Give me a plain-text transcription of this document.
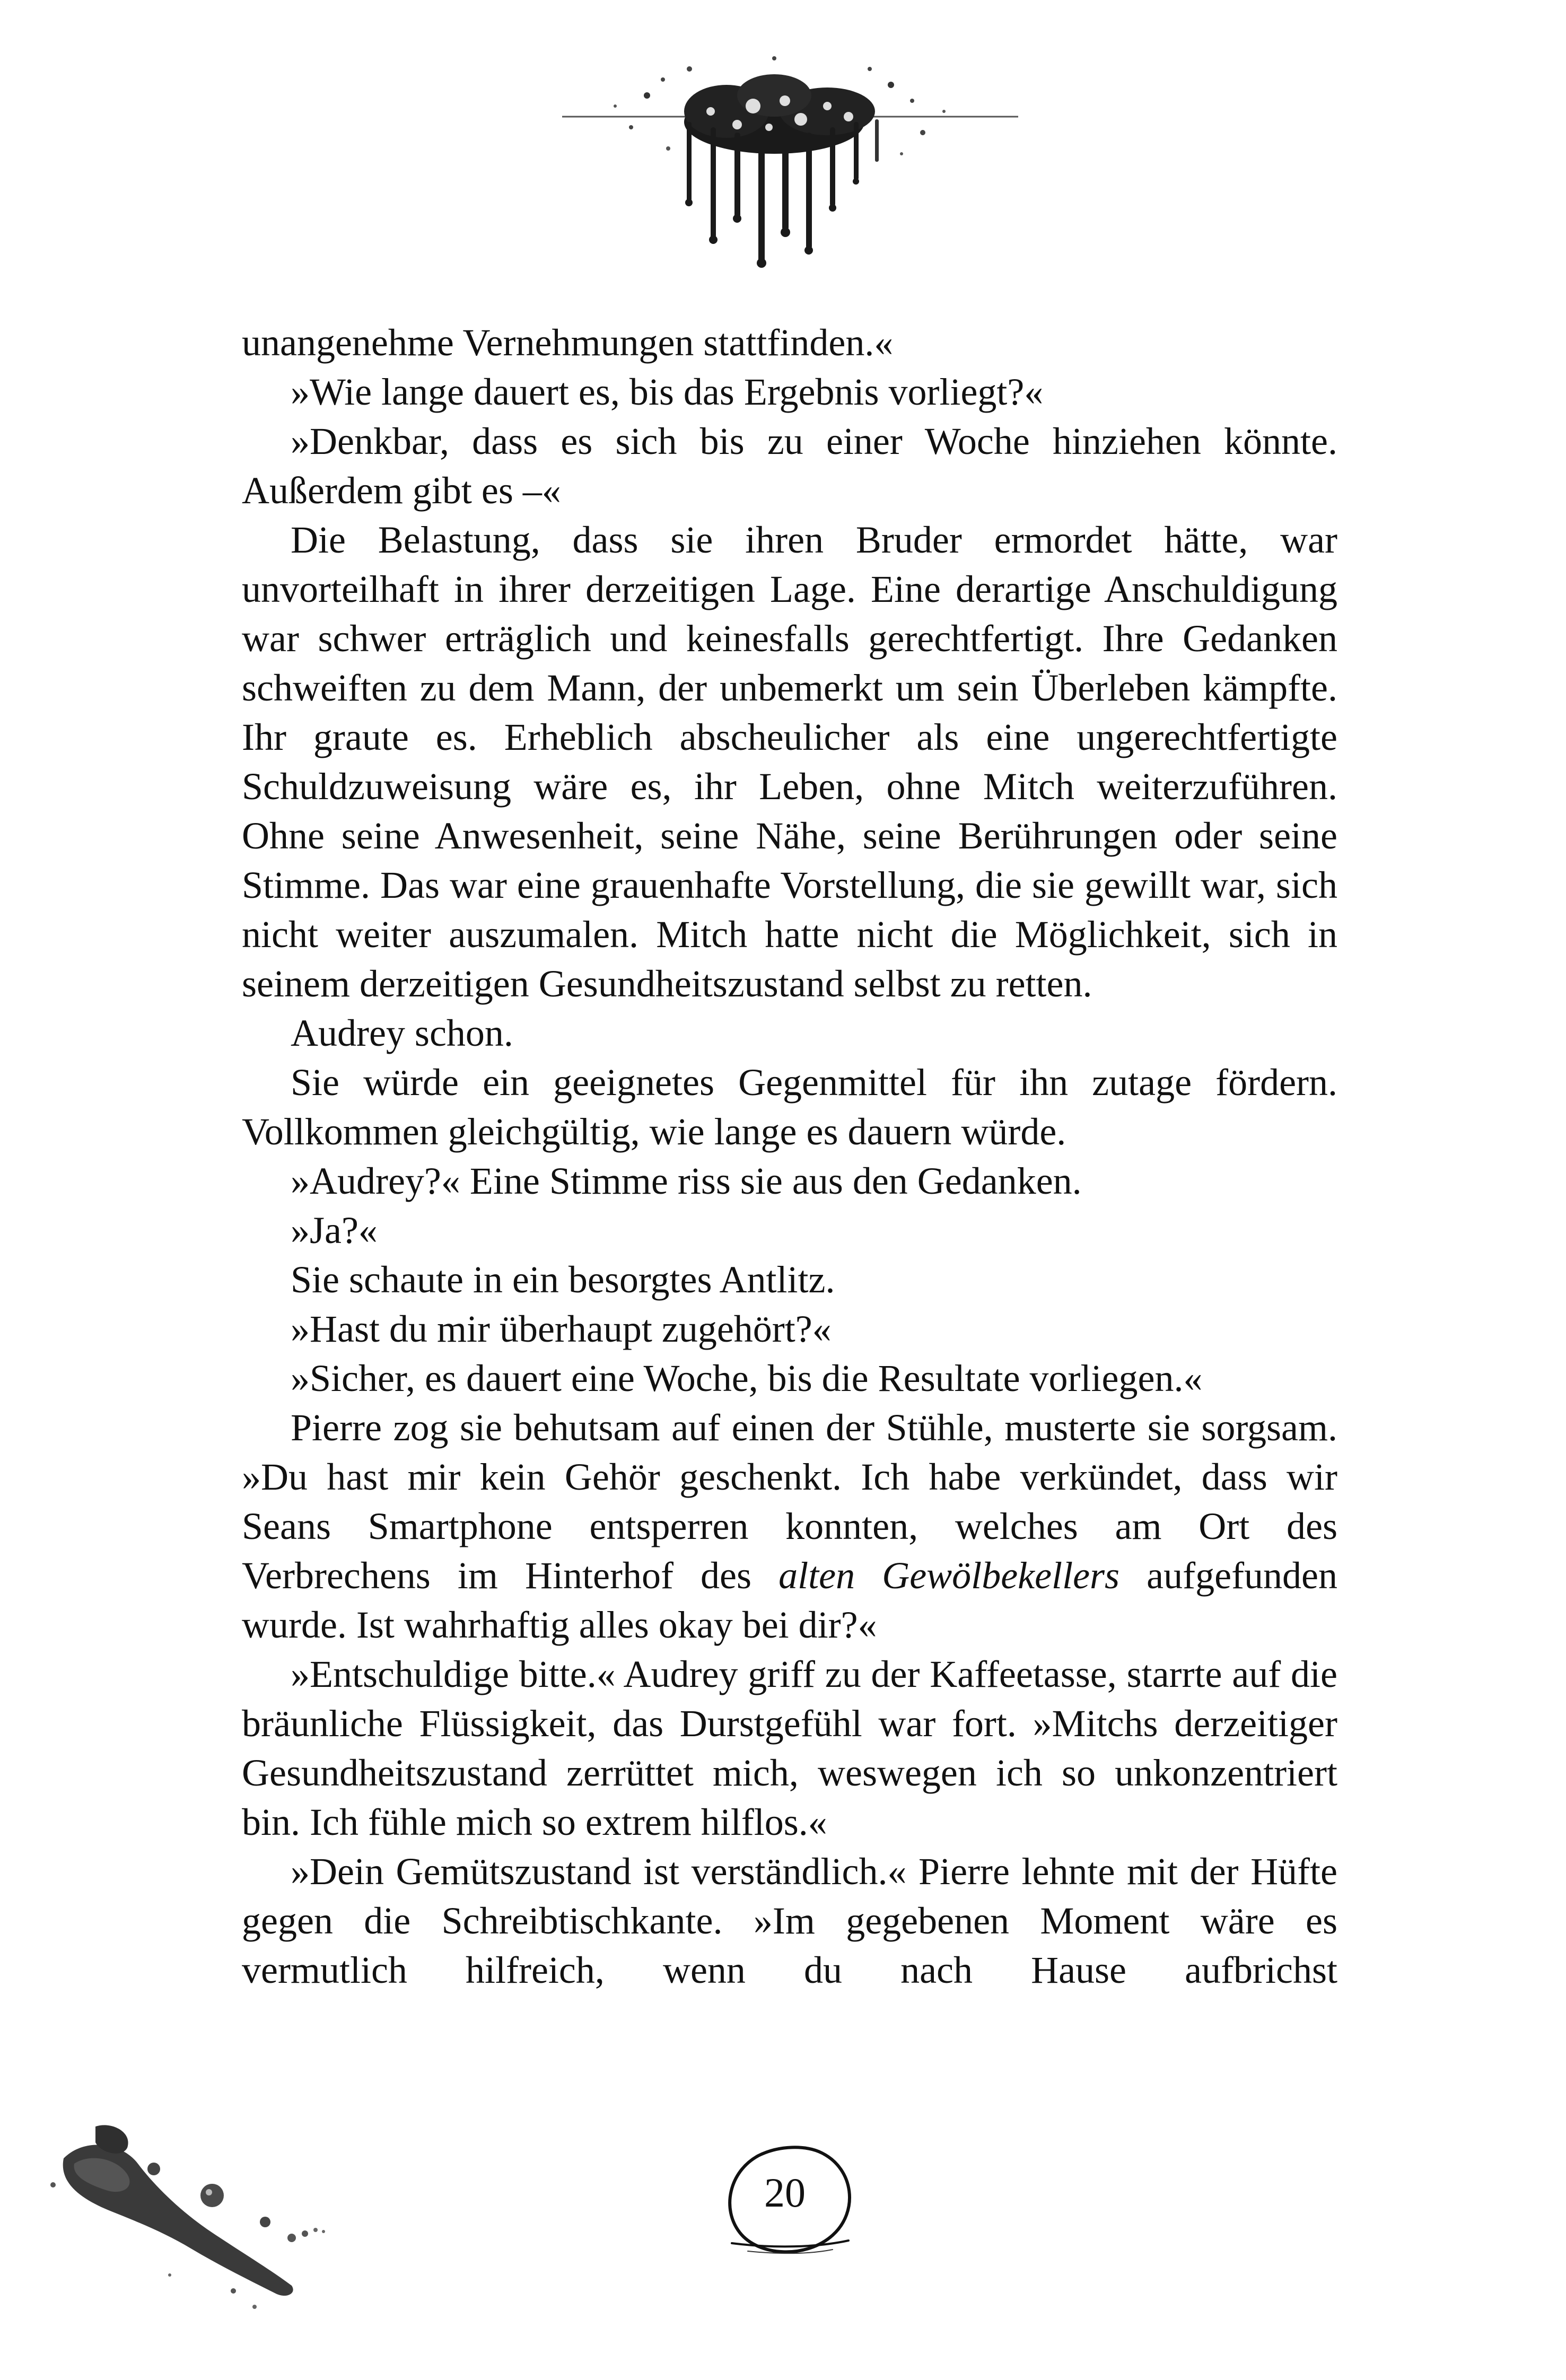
unangenehme Vernehmungen stattfinden.«

»Wie lange dauert es, bis das Ergebnis vorliegt?«

»Denkbar, dass es sich bis zu einer Woche hinziehen könnte. Außerdem gibt es –«

Die Belastung, dass sie ihren Bruder ermordet hätte, war unvorteilhaft in ihrer derzeitigen Lage. Eine derartige Anschuldigung war schwer erträglich und keinesfalls gerechtfertigt. Ihre Gedanken schweiften zu dem Mann, der unbemerkt um sein Überleben kämpfte. Ihr graute es. Erheblich abscheulicher als eine ungerechtfertigte Schuldzuweisung wäre es, ihr Leben, ohne Mitch weiterzuführen. Ohne seine Anwesenheit, seine Nähe, seine Berührungen oder seine Stimme. Das war eine grauenhafte Vorstellung, die sie gewillt war, sich nicht weiter auszumalen. Mitch hatte nicht die Möglichkeit, sich in seinem derzeitigen Gesundheitszustand selbst zu retten.

Audrey schon.

Sie würde ein geeignetes Gegenmittel für ihn zutage fördern. Vollkommen gleichgültig, wie lange es dauern würde.

»Audrey?« Eine Stimme riss sie aus den Gedanken.

»Ja?«

Sie schaute in ein besorgtes Antlitz.

»Hast du mir überhaupt zugehört?«

»Sicher, es dauert eine Woche, bis die Resultate vorliegen.«

Pierre zog sie behutsam auf einen der Stühle, musterte sie sorgsam. »Du hast mir kein Gehör geschenkt. Ich habe verkündet, dass wir Seans Smartphone entsperren konnten, welches am Ort des Verbrechens im Hinterhof des alten Gewölbekellers aufgefunden wurde. Ist wahrhaftig alles okay bei dir?«

»Entschuldige bitte.« Audrey griff zu der Kaffeetasse, starrte auf die bräunliche Flüssigkeit, das Durstgefühl war fort. »Mitchs derzeitiger Gesundheitszustand zerrüttet mich, weswegen ich so unkonzentriert bin. Ich fühle mich so extrem hilflos.«

»Dein Gemütszustand ist verständlich.« Pierre lehnte mit der Hüfte gegen die Schreibtischkante. »Im gegebenen Moment wäre es vermutlich hilfreich, wenn du nach Hause aufbrichst

20
